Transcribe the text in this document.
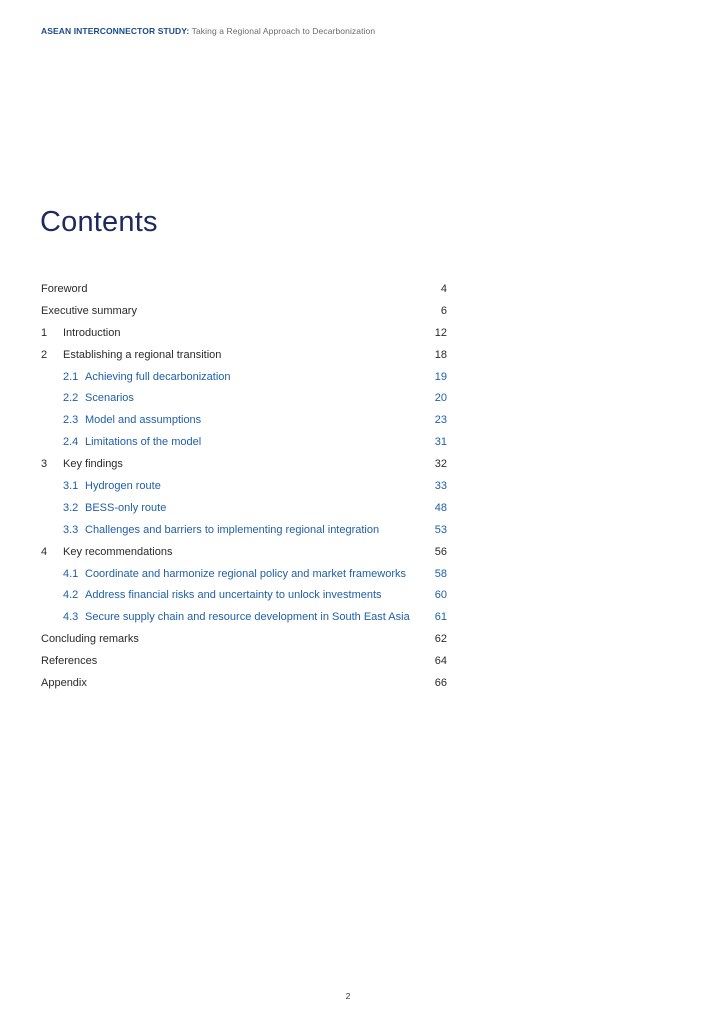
ASEAN INTERCONNECTOR STUDY: Taking a Regional Approach to Decarbonization
Contents
Foreword	4
Executive summary	6
1 Introduction	12
2 Establishing a regional transition	18
2.1 Achieving full decarbonization	19
2.2 Scenarios	20
2.3 Model and assumptions	23
2.4 Limitations of the model	31
3 Key findings	32
3.1 Hydrogen route	33
3.2 BESS-only route	48
3.3 Challenges and barriers to implementing regional integration	53
4 Key recommendations	56
4.1 Coordinate and harmonize regional policy and market frameworks	58
4.2 Address financial risks and uncertainty to unlock investments	60
4.3 Secure supply chain and resource development in South East Asia 61
Concluding remarks	62
References	64
Appendix	66
2
